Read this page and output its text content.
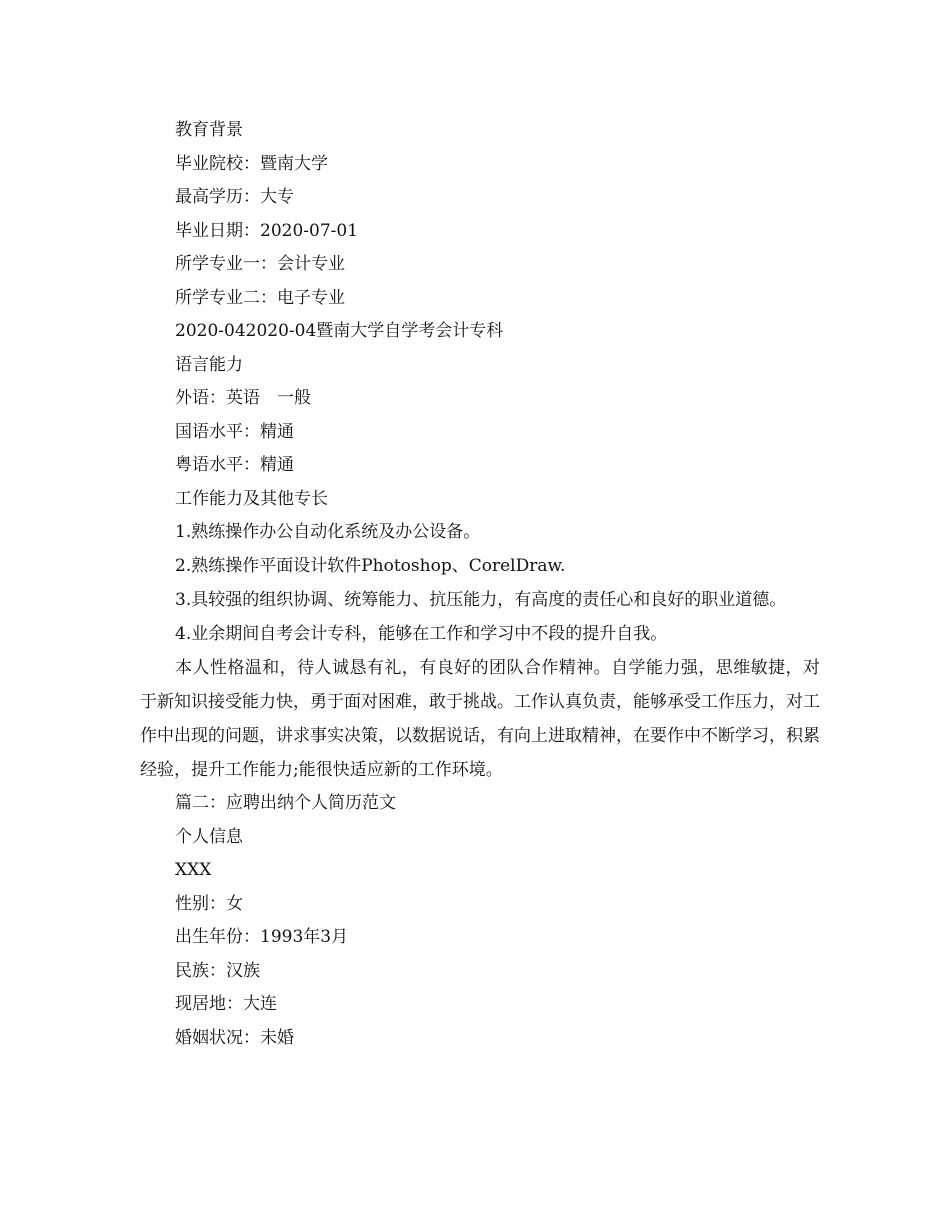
教育背景
毕业院校：暨南大学
最高学历：大专
毕业日期：2020-07-01
所学专业一：会计专业
所学专业二：电子专业
2020-042020-04暨南大学自学考会计专科
语言能力
外语：英语　一般
国语水平：精通
粤语水平：精通
工作能力及其他专长
1.熟练操作办公自动化系统及办公设备。
2.熟练操作平面设计软件Photoshop、CorelDraw.
3.具较强的组织协调、统筹能力、抗压能力，有高度的责任心和良好的职业道德。
4.业余期间自考会计专科，能够在工作和学习中不段的提升自我。
本人性格温和，待人诚恳有礼，有良好的团队合作精神。自学能力强，思维敏捷，对于新知识接受能力快，勇于面对困难，敢于挑战。工作认真负责，能够承受工作压力，对工作中出现的问题，讲求事实决策，以数据说话，有向上进取精神，在要作中不断学习，积累经验，提升工作能力;能很快适应新的工作环境。
篇二：应聘出纳个人简历范文
个人信息
XXX
性别：女
出生年份：1993年3月
民族：汉族
现居地：大连
婚姻状况：未婚
